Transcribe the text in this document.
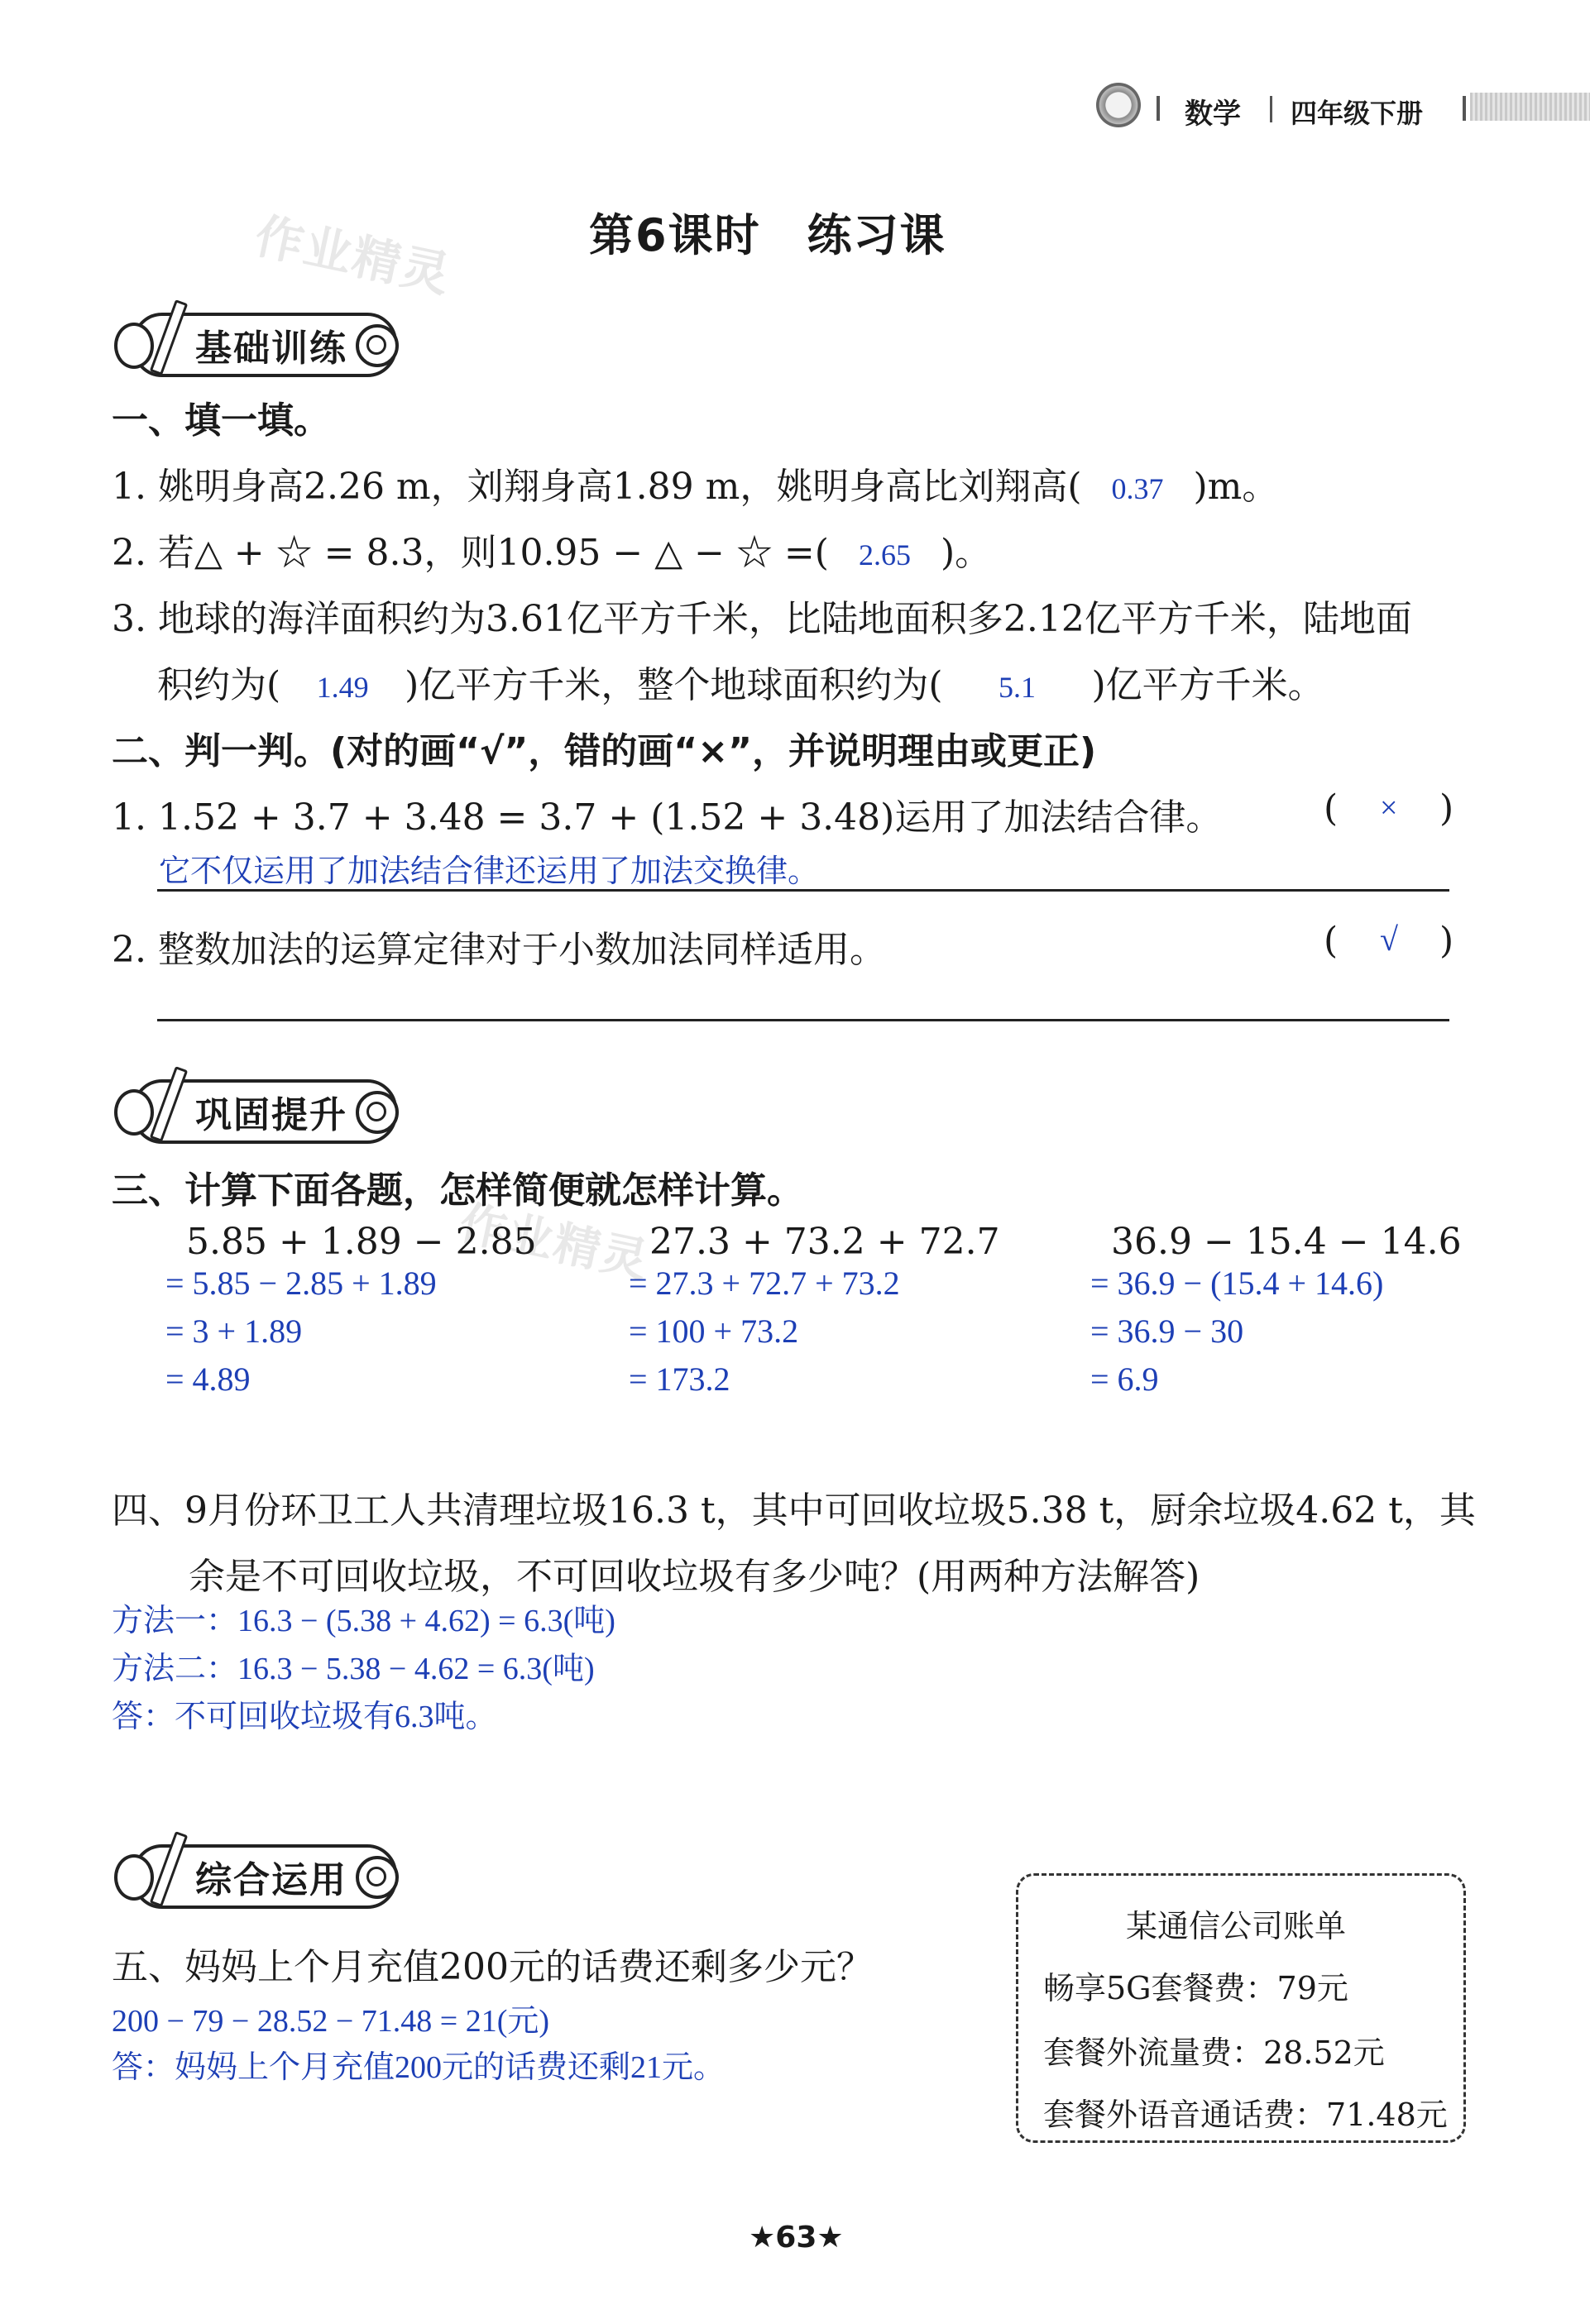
数学 四年级下册
作业精灵
作业精灵
第6课时　练习课
基础训练
一、填一填。
1. 姚明身高2.26 m，刘翔身高1.89 m，姚明身高比刘翔高( 0.37 )m。
2. 若△ + ☆ = 8.3，则10.95 − △ − ☆ =( 2.65 )。
3. 地球的海洋面积约为3.61亿平方千米，比陆地面积多2.12亿平方千米，陆地面
积约为( 1.49 )亿平方千米，整个地球面积约为( 5.1 )亿平方千米。
二、判一判。(对的画“√”，错的画“×”，并说明理由或更正)
1. 1.52 + 3.7 + 3.48 = 3.7 + (1.52 + 3.48)运用了加法结合律。	( × )
它不仅运用了加法结合律还运用了加法交换律。
2. 整数加法的运算定律对于小数加法同样适用。	( √ )
巩固提升
三、计算下面各题，怎样简便就怎样计算。
5.85 + 1.89 − 2.85
= 5.85 − 2.85 + 1.89
= 3 + 1.89
= 4.89
27.3 + 73.2 + 72.7
= 27.3 + 72.7 + 73.2
= 100 + 73.2
= 173.2
36.9 − 15.4 − 14.6
= 36.9 − (15.4 + 14.6)
= 36.9 − 30
= 6.9
四、9月份环卫工人共清理垃圾16.3 t，其中可回收垃圾5.38 t，厨余垃圾4.62 t，其
余是不可回收垃圾，不可回收垃圾有多少吨？(用两种方法解答)
方法一：16.3 − (5.38 + 4.62) = 6.3(吨)
方法二：16.3 − 5.38 − 4.62 = 6.3(吨)
答：不可回收垃圾有6.3吨。
综合运用
五、妈妈上个月充值200元的话费还剩多少元？
200 − 79 − 28.52 − 71.48 = 21(元)
答：妈妈上个月充值200元的话费还剩21元。
某通信公司账单
畅享5G套餐费：79元
套餐外流量费：28.52元
套餐外语音通话费：71.48元
★63★
